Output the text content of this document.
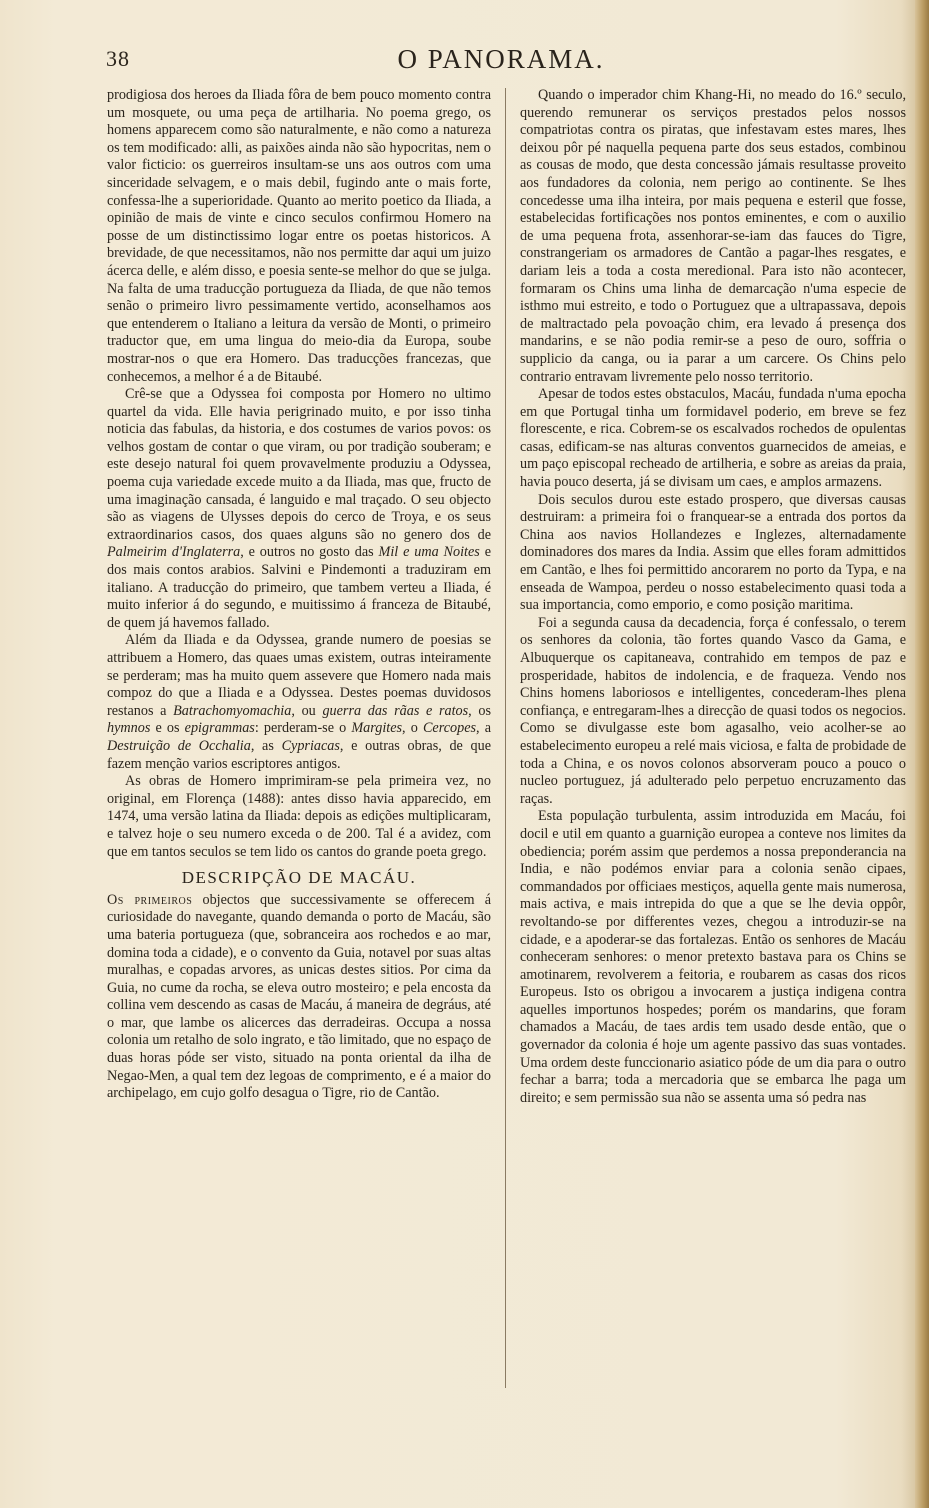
38	O PANORAMA.

prodigiosa dos heroes da Iliada fôra de bem pouco momento contra um mosquete, ou uma peça de artilharia. No poema grego, os homens apparecem como são naturalmente, e não como a natureza os tem modificado: alli, as paixões ainda não são hypocritas, nem o valor ficticio: os guerreiros insultam-se uns aos outros com uma sinceridade selvagem, e o mais debil, fugindo ante o mais forte, confessa-lhe a superioridade. Quanto ao merito poetico da Iliada, a opinião de mais de vinte e cinco seculos confirmou Homero na posse de um distinctissimo logar entre os poetas historicos. A brevidade, de que necessitamos, não nos permitte dar aqui um juizo ácerca delle, e além disso, e poesia sente-se melhor do que se julga. Na falta de uma traducção portugueza da Iliada, de que não temos senão o primeiro livro pessimamente vertido, aconselhamos aos que entenderem o Italiano a leitura da versão de Monti, o primeiro traductor que, em uma lingua do meio-dia da Europa, soube mostrar-nos o que era Homero. Das traducções francezas, que conhecemos, a melhor é a de Bitaubé.

Crê-se que a Odyssea foi composta por Homero no ultimo quartel da vida. Elle havia perigrinado muito, e por isso tinha noticia das fabulas, da historia, e dos costumes de varios povos: os velhos gostam de contar o que viram, ou por tradição souberam; e este desejo natural foi quem provavelmente produziu a Odyssea, poema cuja variedade excede muito a da Iliada, mas que, fructo de uma imaginação cansada, é languido e mal traçado. O seu objecto são as viagens de Ulysses depois do cerco de Troya, e os seus extraordinarios casos, dos quaes alguns são no genero dos de Palmeirim d'Inglaterra, e outros no gosto das Mil e uma Noites e dos mais contos arabios. Salvini e Pindemonti a traduziram em italiano. A traducção do primeiro, que tambem verteu a Iliada, é muito inferior á do segundo, e muitissimo á franceza de Bitaubé, de quem já havemos fallado.

Além da Iliada e da Odyssea, grande numero de poesias se attribuem a Homero, das quaes umas existem, outras inteiramente se perderam; mas ha muito quem assevere que Homero nada mais compoz do que a Iliada e a Odyssea. Destes poemas duvidosos restanos a Batrachomyomachia, ou guerra das rãas e ratos, os hymnos e os epigrammas: perderam-se o Margites, o Cercopes, a Destruição de Occhalia, as Cypriacas, e outras obras, de que fazem menção varios escriptores antigos.

As obras de Homero imprimiram-se pela primeira vez, no original, em Florença (1488): antes disso havia apparecido, em 1474, uma versão latina da Iliada: depois as edições multiplicaram, e talvez hoje o seu numero exceda o de 200. Tal é a avidez, com que em tantos seculos se tem lido os cantos do grande poeta grego.

DESCRIPÇÃO DE MACÁU.

Os primeiros objectos que successivamente se offerecem á curiosidade do navegante, quando demanda o porto de Macáu, são uma bateria portugueza (que, sobranceira aos rochedos e ao mar, domina toda a cidade), e o convento da Guia, notavel por suas altas muralhas, e copadas arvores, as unicas destes sitios. Por cima da Guia, no cume da rocha, se eleva outro mosteiro; e pela encosta da collina vem descendo as casas de Macáu, á maneira de degráus, até o mar, que lambe os alicerces das derradeiras. Occupa a nossa colonia um retalho de solo ingrato, e tão limitado, que no espaço de duas horas póde ser visto, situado na ponta oriental da ilha de Negao-Men, a qual tem dez legoas de comprimento, e é a maior do archipelago, em cujo golfo desagua o Tigre, rio de Cantão.

Quando o imperador chim Khang-Hi, no meado do 16.º seculo, querendo remunerar os serviços prestados pelos nossos compatriotas contra os piratas, que infestavam estes mares, lhes deixou pôr pé naquella pequena parte dos seus estados, combinou as cousas de modo, que desta concessão jámais resultasse proveito aos fundadores da colonia, nem perigo ao continente. Se lhes concedesse uma ilha inteira, por mais pequena e esteril que fosse, estabelecidas fortificações nos pontos eminentes, e com o auxilio de uma pequena frota, assenhorar-se-iam das fauces do Tigre, constrangeriam os armadores de Cantão a pagar-lhes resgates, e dariam leis a toda a costa meredional. Para isto não acontecer, formaram os Chins uma linha de demarcação n'uma especie de isthmo mui estreito, e todo o Portuguez que a ultrapassava, depois de maltractado pela povoação chim, era levado á presença dos mandarins, e se não podia remir-se a peso de ouro, soffria o supplicio da canga, ou ia parar a um carcere. Os Chins pelo contrario entravam livremente pelo nosso territorio.

Apesar de todos estes obstaculos, Macáu, fundada n'uma epocha em que Portugal tinha um formidavel poderio, em breve se fez florescente, e rica. Cobrem-se os escalvados rochedos de opulentas casas, edificam-se nas alturas conventos guarnecidos de ameias, e um paço episcopal recheado de artilheria, e sobre as areias da praia, havia pouco deserta, já se divisam um caes, e amplos armazens.

Dois seculos durou este estado prospero, que diversas causas destruiram: a primeira foi o franquear-se a entrada dos portos da China aos navios Hollandezes e Inglezes, alternadamente dominadores dos mares da India. Assim que elles foram admittidos em Cantão, e lhes foi permittido ancorarem no porto da Typa, e na enseada de Wampoa, perdeu o nosso estabelecimento quasi toda a sua importancia, como emporio, e como posição maritima.

Foi a segunda causa da decadencia, força é confessalo, o terem os senhores da colonia, tão fortes quando Vasco da Gama, e Albuquerque os capitaneava, contrahido em tempos de paz e prosperidade, habitos de indolencia, e de fraqueza. Vendo nos Chins homens laboriosos e intelligentes, concederam-lhes plena confiança, e entregaram-lhes a direcção de quasi todos os negocios. Como se divulgasse este bom agasalho, veio acolher-se ao estabelecimento europeu a relé mais viciosa, e falta de probidade de toda a China, e os novos colonos absorveram pouco a pouco o nucleo portuguez, já adulterado pelo perpetuo encruzamento das raças.

Esta população turbulenta, assim introduzida em Macáu, foi docil e util em quanto a guarnição europea a conteve nos limites da obediencia; porém assim que perdemos a nossa preponderancia na India, e não podémos enviar para a colonia senão cipaes, commandados por officiaes mestiços, aquella gente mais numerosa, mais activa, e mais intrepida do que a que se lhe devia oppôr, revoltando-se por differentes vezes, chegou a introduzir-se na cidade, e a apoderar-se das fortalezas. Então os senhores de Macáu conheceram senhores: o menor pretexto bastava para os Chins se amotinarem, revolverem a feitoria, e roubarem as casas dos ricos Europeus. Isto os obrigou a invocarem a justiça indigena contra aquelles importunos hospedes; porém os mandarins, que foram chamados a Macáu, de taes ardis tem usado desde então, que o governador da colonia é hoje um agente passivo das suas vontades. Uma ordem deste funccionario asiatico póde de um dia para o outro fechar a barra; toda a mercadoria que se embarca lhe paga um direito; e sem permissão sua não se assenta uma só pedra nas
